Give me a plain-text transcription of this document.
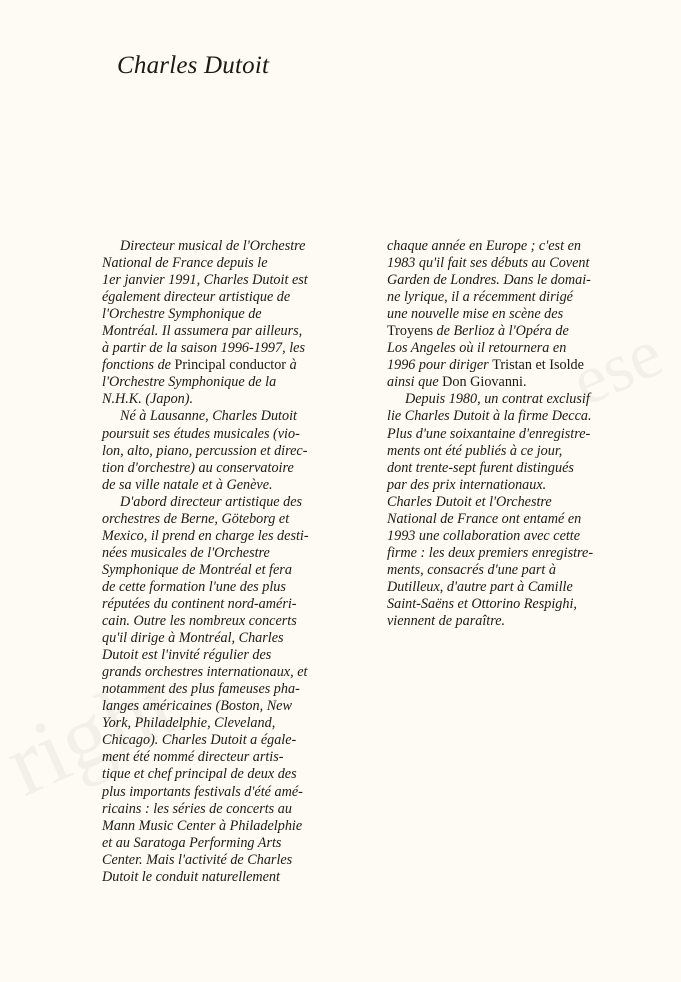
Charles Dutoit
Directeur musical de l'Orchestre
National de France depuis le
1er janvier 1991, Charles Dutoit est
également directeur artistique de
l'Orchestre Symphonique de
Montréal. Il assumera par ailleurs,
à partir de la saison 1996-1997, les
fonctions de Principal conductor à
l'Orchestre Symphonique de la
N.H.K. (Japon).
Né à Lausanne, Charles Dutoit
poursuit ses études musicales (vio-
lon, alto, piano, percussion et direc-
tion d'orchestre) au conservatoire
de sa ville natale et à Genève.
D'abord directeur artistique des
orchestres de Berne, Göteborg et
Mexico, il prend en charge les desti-
nées musicales de l'Orchestre
Symphonique de Montréal et fera
de cette formation l'une des plus
réputées du continent nord-améri-
cain. Outre les nombreux concerts
qu'il dirige à Montréal, Charles
Dutoit est l'invité régulier des
grands orchestres internationaux, et
notamment des plus fameuses pha-
langes américaines (Boston, New
York, Philadelphie, Cleveland,
Chicago). Charles Dutoit a égale-
ment été nommé directeur artis-
tique et chef principal de deux des
plus importants festivals d'été amé-
ricains : les séries de concerts au
Mann Music Center à Philadelphie
et au Saratoga Performing Arts
Center. Mais l'activité de Charles
Dutoit le conduit naturellement
chaque année en Europe ; c'est en
1983 qu'il fait ses débuts au Covent
Garden de Londres. Dans le domai-
ne lyrique, il a récemment dirigé
une nouvelle mise en scène des
Troyens de Berlioz à l'Opéra de
Los Angeles où il retournera en
1996 pour diriger Tristan et Isolde
ainsi que Don Giovanni.
Depuis 1980, un contrat exclusif
lie Charles Dutoit à la firme Decca.
Plus d'une soixantaine d'enregistre-
ments ont été publiés à ce jour,
dont trente-sept furent distingués
par des prix internationaux.
Charles Dutoit et l'Orchestre
National de France ont entamé en
1993 une collaboration avec cette
firme : les deux premiers enregistre-
ments, consacrés d'une part à
Dutilleux, d'autre part à Camille
Saint-Saëns et Ottorino Respighi,
viennent de paraître.
